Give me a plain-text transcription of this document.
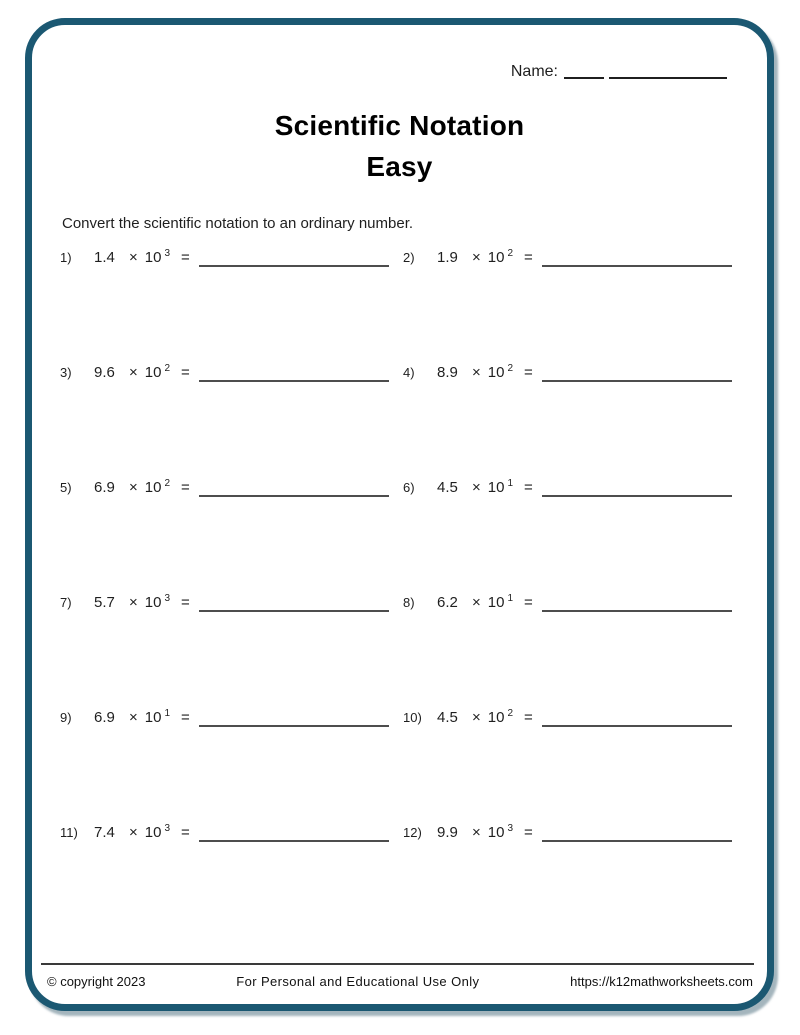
Name:
Scientific Notation
Easy
Convert the scientific notation to an ordinary number.
1)	1.4 × 10 3 =	2)	1.9 × 10 2 =
3)	9.6 × 10 2 =	4)	8.9 × 10 2 =
5)	6.9 × 10 2 =	6)	4.5 × 10 1 =
7)	5.7 × 10 3 =	8)	6.2 × 10 1 =
9)	6.9 × 10 1 =	10)	4.5 × 10 2 =
11)	7.4 × 10 3 =	12)	9.9 × 10 3 =
© copyright 2023	For Personal and Educational Use Only	https://k12mathworksheets.com
